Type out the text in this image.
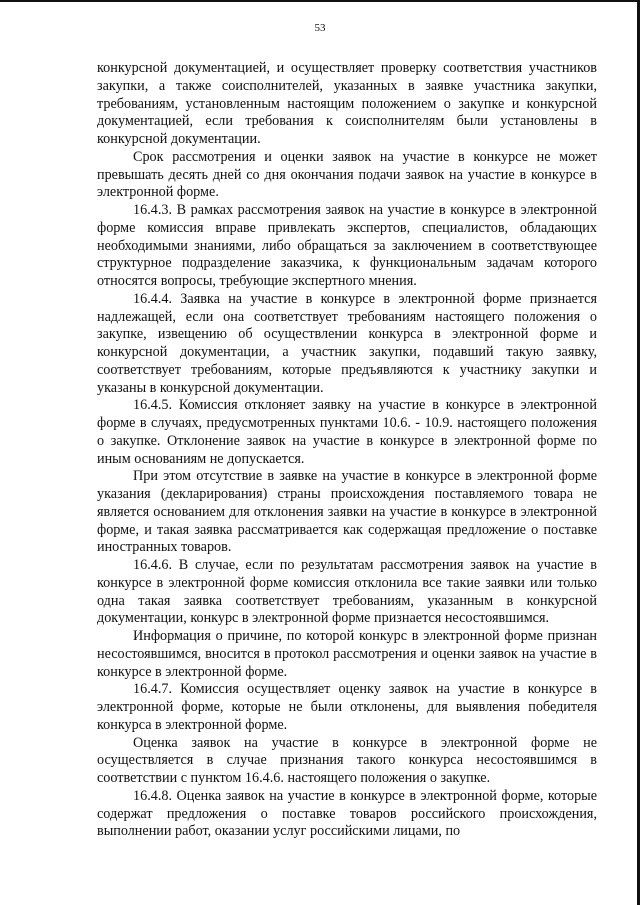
53

конкурсной документацией, и осуществляет проверку соответствия участников закупки, а также соисполнителей, указанных в заявке участника закупки, требованиям, установленным настоящим положением о закупке и конкурсной документацией, если требования к соисполнителям были установлены в конкурсной документации.

Срок рассмотрения и оценки заявок на участие в конкурсе не может превышать десять дней со дня окончания подачи заявок на участие в конкурсе в электронной форме.

16.4.3. В рамках рассмотрения заявок на участие в конкурсе в электронной форме комиссия вправе привлекать экспертов, специалистов, обладающих необходимыми знаниями, либо обращаться за заключением в соответствующее структурное подразделение заказчика, к функциональным задачам которого относятся вопросы, требующие экспертного мнения.

16.4.4. Заявка на участие в конкурсе в электронной форме признается надлежащей, если она соответствует требованиям настоящего положения о закупке, извещению об осуществлении конкурса в электронной форме и конкурсной документации, а участник закупки, подавший такую заявку, соответствует требованиям, которые предъявляются к участнику закупки и указаны в конкурсной документации.

16.4.5. Комиссия отклоняет заявку на участие в конкурсе в электронной форме в случаях, предусмотренных пунктами 10.6. - 10.9. настоящего положения о закупке. Отклонение заявок на участие в конкурсе в электронной форме по иным основаниям не допускается.

При этом отсутствие в заявке на участие в конкурсе в электронной форме указания (декларирования) страны происхождения поставляемого товара не является основанием для отклонения заявки на участие в конкурсе в электронной форме, и такая заявка рассматривается как содержащая предложение о поставке иностранных товаров.

16.4.6. В случае, если по результатам рассмотрения заявок на участие в конкурсе в электронной форме комиссия отклонила все такие заявки или только одна такая заявка соответствует требованиям, указанным в конкурсной документации, конкурс в электронной форме признается несостоявшимся.

Информация о причине, по которой конкурс в электронной форме признан несостоявшимся, вносится в протокол рассмотрения и оценки заявок на участие в конкурсе в электронной форме.

16.4.7. Комиссия осуществляет оценку заявок на участие в конкурсе в электронной форме, которые не были отклонены, для выявления победителя конкурса в электронной форме.

Оценка заявок на участие в конкурсе в электронной форме не осуществляется в случае признания такого конкурса несостоявшимся в соответствии с пунктом 16.4.6. настоящего положения о закупке.

16.4.8. Оценка заявок на участие в конкурсе в электронной форме, которые содержат предложения о поставке товаров российского происхождения, выполнении работ, оказании услуг российскими лицами, по
